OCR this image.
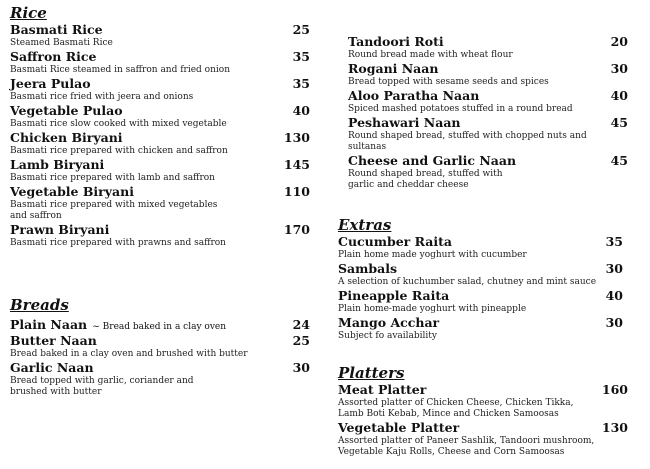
Rice
Basmati Rice	25
Steamed Basmati Rice
Saffron Rice	35
Basmati Rice steamed in saffron and fried onion
Jeera Pulao	35
Basmati rice fried with jeera and onions
Vegetable Pulao	40
Basmati rice slow cooked with mixed vegetable
Chicken Biryani	130
Basmati rice prepared with chicken and saffron
Lamb Biryani	145
Basmati rice prepared with lamb and saffron
Vegetable Biryani	110
Basmati rice prepared with mixed vegetables and saffron
Prawn Biryani	170
Basmati rice prepared with prawns and saffron
Breads
Plain Naan ~ Bread baked in a clay oven	24
Butter Naan	25
Bread baked in a clay oven and brushed with butter
Garlic Naan	30
Bread topped with garlic, coriander and brushed with butter
Tandoori Roti	20
Round bread made with wheat flour
Rogani Naan	30
Bread topped with sesame seeds and spices
Aloo Paratha Naan	40
Spiced mashed potatoes stuffed in a round bread
Peshawari Naan	45
Round shaped bread, stuffed with chopped nuts and sultanas
Cheese and Garlic Naan	45
Round shaped bread, stuffed with garlic and cheddar cheese
Extras
Cucumber Raita	35
Plain home made yoghurt with cucumber
Sambals	30
A selection of kuchumber salad, chutney and mint sauce
Pineapple Raita	40
Plain home-made yoghurt with pineapple
Mango Acchar	30
Subject fo availability
Platters
Meat Platter	160
Assorted platter of Chicken Cheese, Chicken Tikka, Lamb Boti Kebab, Mince and Chicken Samoosas
Vegetable Platter	130
Assorted platter of Paneer Sashlik, Tandoori mushroom, Vegetable Kaju Rolls, Cheese and Corn Samoosas
